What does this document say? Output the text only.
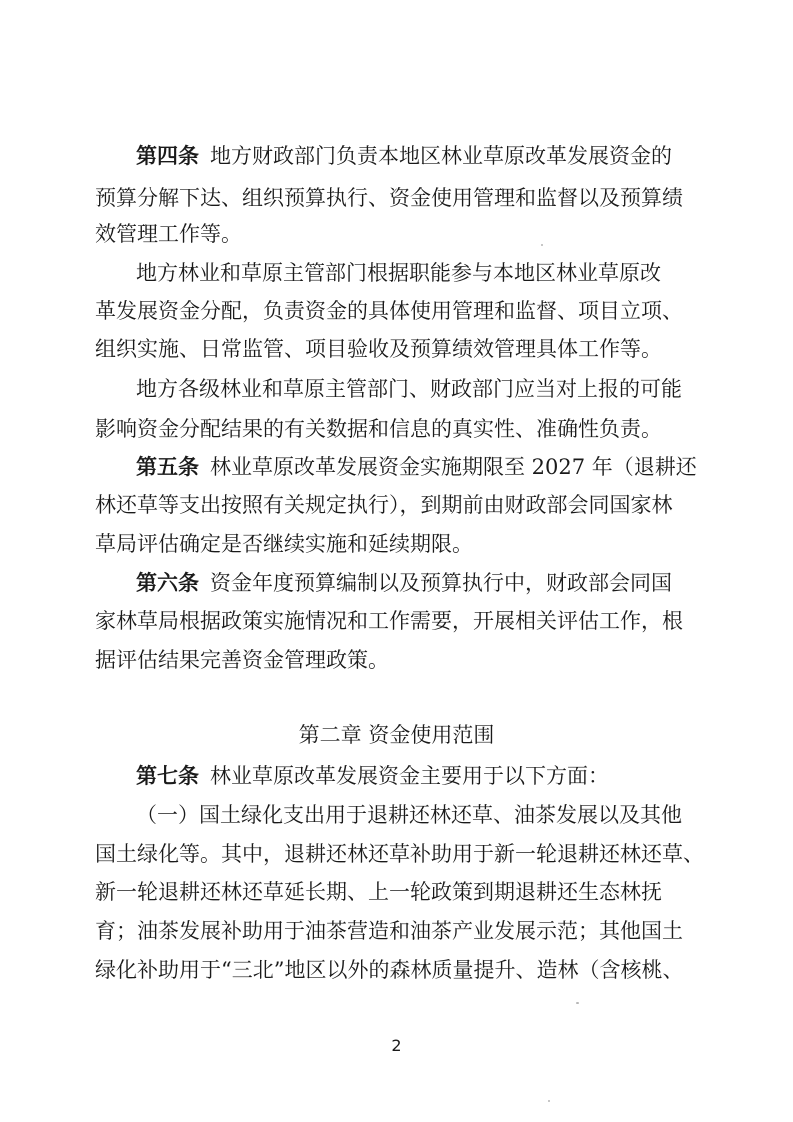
第四条 地方财政部门负责本地区林业草原改革发展资金的
预算分解下达、组织预算执行、资金使用管理和监督以及预算绩
效管理工作等。
地方林业和草原主管部门根据职能参与本地区林业草原改
革发展资金分配，负责资金的具体使用管理和监督、项目立项、
组织实施、日常监管、项目验收及预算绩效管理具体工作等。
地方各级林业和草原主管部门、财政部门应当对上报的可能
影响资金分配结果的有关数据和信息的真实性、准确性负责。
第五条 林业草原改革发展资金实施期限至 2027 年（退耕还
林还草等支出按照有关规定执行），到期前由财政部会同国家林
草局评估确定是否继续实施和延续期限。
第六条 资金年度预算编制以及预算执行中，财政部会同国
家林草局根据政策实施情况和工作需要，开展相关评估工作，根
据评估结果完善资金管理政策。
第二章 资金使用范围
第七条 林业草原改革发展资金主要用于以下方面：
（一）国土绿化支出用于退耕还林还草、油茶发展以及其他
国土绿化等。其中，退耕还林还草补助用于新一轮退耕还林还草、
新一轮退耕还林还草延长期、上一轮政策到期退耕还生态林抚
育；油茶发展补助用于油茶营造和油茶产业发展示范；其他国土
绿化补助用于“三北”地区以外的森林质量提升、造林（含核桃、
2
